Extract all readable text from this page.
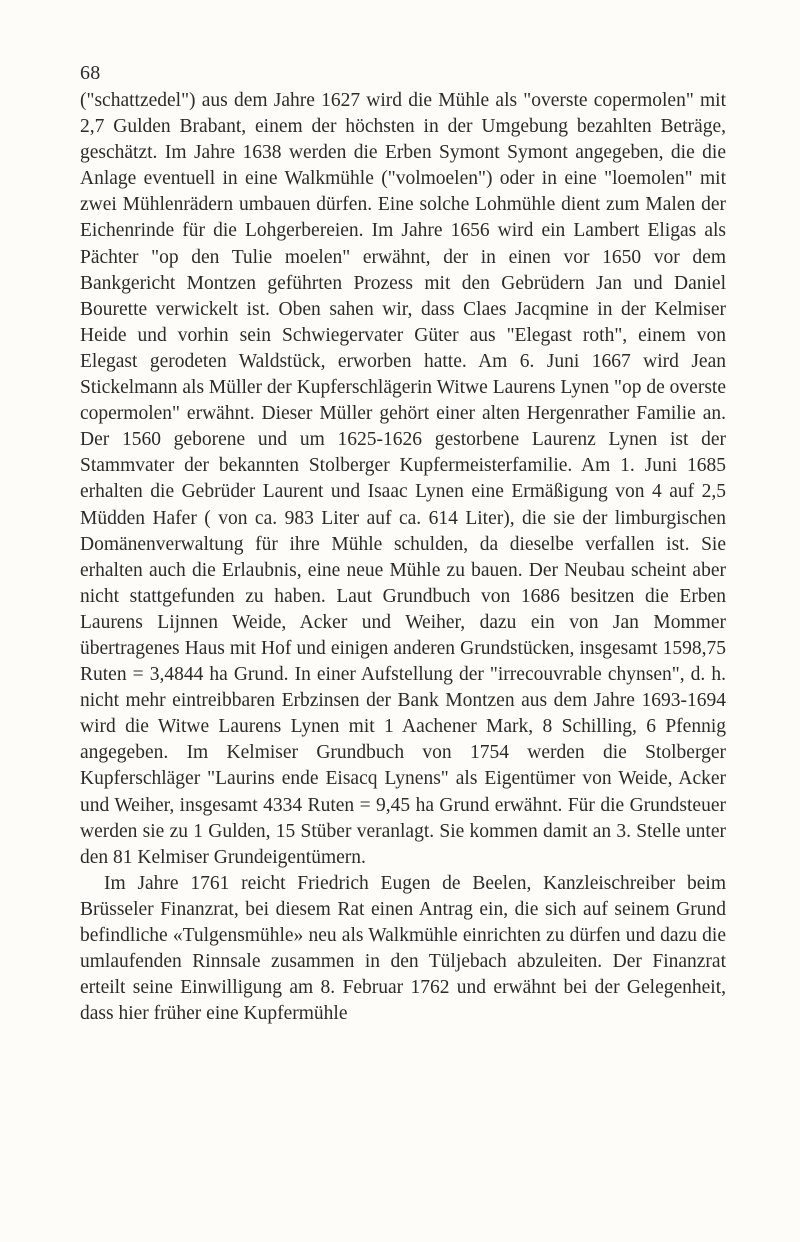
68

("schattzedel") aus dem Jahre 1627 wird die Mühle als "overste copermolen" mit 2,7 Gulden Brabant, einem der höchsten in der Umgebung bezahlten Beträge, geschätzt. Im Jahre 1638 werden die Erben Symont Symont angegeben, die die Anlage eventuell in eine Walkmühle ("volmoelen") oder in eine "loemolen" mit zwei Mühlenrädern umbauen dürfen. Eine solche Lohmühle dient zum Malen der Eichenrinde für die Lohgerbereien. Im Jahre 1656 wird ein Lambert Eligas als Pächter "op den Tulie moelen" erwähnt, der in einen vor 1650 vor dem Bankgericht Montzen geführten Prozess mit den Gebrüdern Jan und Daniel Bourette verwickelt ist. Oben sahen wir, dass Claes Jacqmine in der Kelmiser Heide und vorhin sein Schwiegervater Güter aus "Elegast roth", einem von Elegast gerodeten Waldstück, erworben hatte. Am 6. Juni 1667 wird Jean Stickelmann als Müller der Kupferschlägerin Witwe Laurens Lynen "op de overste copermolen" erwähnt. Dieser Müller gehört einer alten Hergenrather Familie an. Der 1560 geborene und um 1625-1626 gestorbene Laurenz Lynen ist der Stammvater der bekannten Stolberger Kupfermeisterfamilie. Am 1. Juni 1685 erhalten die Gebrüder Laurent und Isaac Lynen eine Ermäßigung von 4 auf 2,5 Müdden Hafer ( von ca. 983 Liter auf ca. 614 Liter), die sie der limburgischen Domänenverwaltung für ihre Mühle schulden, da dieselbe verfallen ist. Sie erhalten auch die Erlaubnis, eine neue Mühle zu bauen. Der Neubau scheint aber nicht stattgefunden zu haben. Laut Grundbuch von 1686 besitzen die Erben Laurens Lijnnen Weide, Acker und Weiher, dazu ein von Jan Mommer übertragenes Haus mit Hof und einigen anderen Grundstücken, insgesamt 1598,75 Ruten = 3,4844 ha Grund. In einer Aufstellung der "irrecouvrable chynsen", d. h. nicht mehr eintreibbaren Erbzinsen der Bank Montzen aus dem Jahre 1693-1694 wird die Witwe Laurens Lynen mit 1 Aachener Mark, 8 Schilling, 6 Pfennig angegeben. Im Kelmiser Grundbuch von 1754 werden die Stolberger Kupferschläger "Laurins ende Eisacq Lynens" als Eigentümer von Weide, Acker und Weiher, insgesamt 4334 Ruten = 9,45 ha Grund erwähnt. Für die Grundsteuer werden sie zu 1 Gulden, 15 Stüber veranlagt. Sie kommen damit an 3. Stelle unter den 81 Kelmiser Grundeigentümern.

Im Jahre 1761 reicht Friedrich Eugen de Beelen, Kanzleischreiber beim Brüsseler Finanzrat, bei diesem Rat einen Antrag ein, die sich auf seinem Grund befindliche «Tulgensmühle» neu als Walkmühle einrichten zu dürfen und dazu die umlaufenden Rinnsale zusammen in den Tüljebach abzuleiten. Der Finanzrat erteilt seine Einwilligung am 8. Februar 1762 und erwähnt bei der Gelegenheit, dass hier früher eine Kupfermühle
